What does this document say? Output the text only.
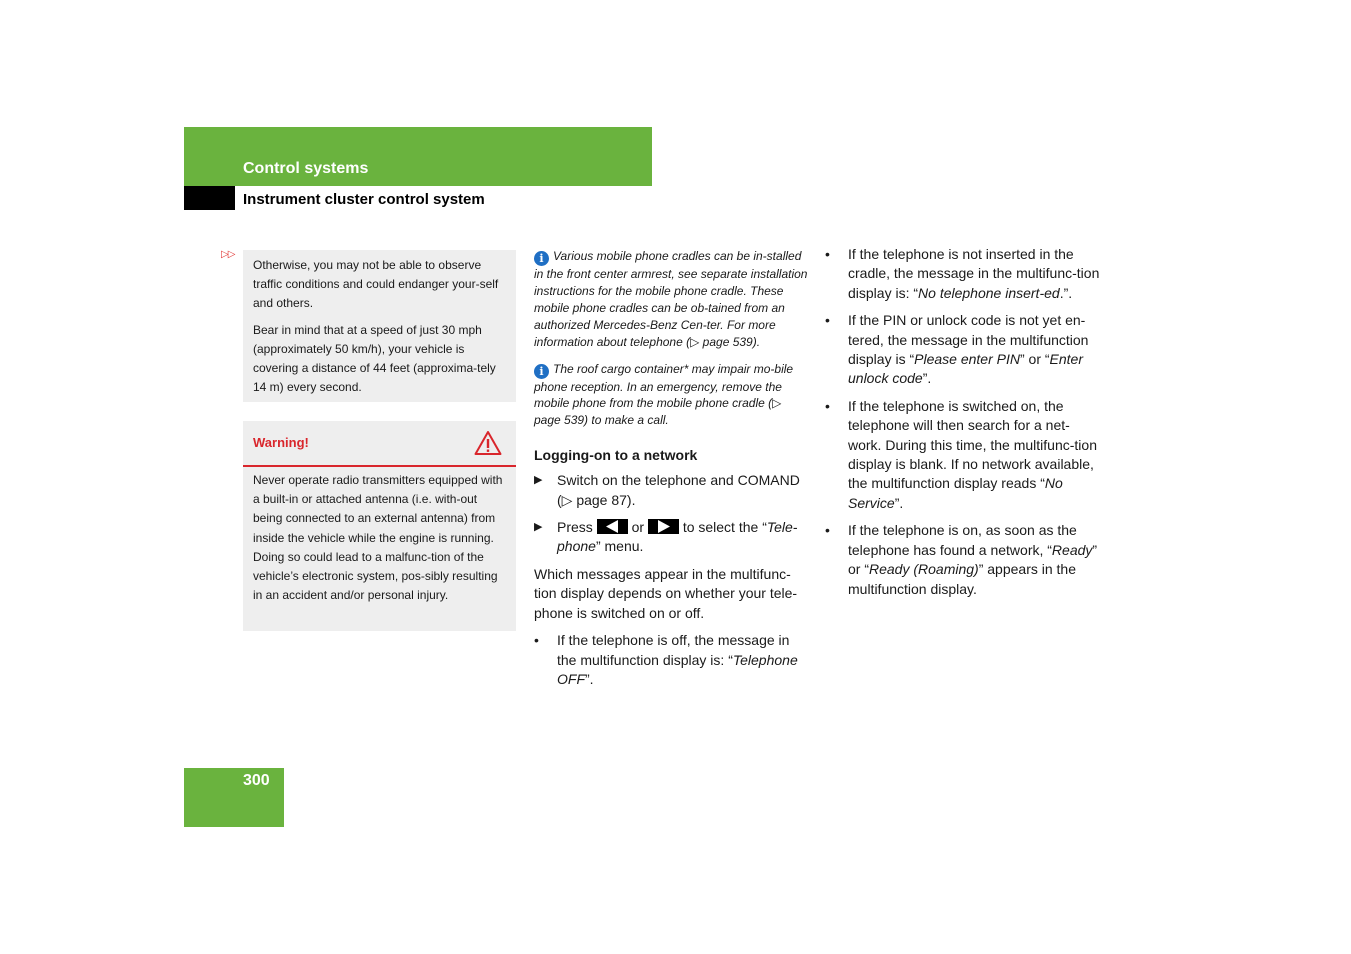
Control systems
Instrument cluster control system
▷▷

Otherwise, you may not be able to observe traffic conditions and could endanger your-self and others.

Bear in mind that at a speed of just 30 mph (approximately 50 km/h), your vehicle is covering a distance of 44 feet (approxima-tely 14 m) every second.

Warning!
Never operate radio transmitters equipped with a built-in or attached antenna (i.e. with-out being connected to an external antenna) from inside the vehicle while the engine is running. Doing so could lead to a malfunc-tion of the vehicle’s electronic system, pos-sibly resulting in an accident and/or personal injury.

i Various mobile phone cradles can be in-stalled in the front center armrest, see separate installation instructions for the mobile phone cradle. These mobile phone cradles can be ob-tained from an authorized Mercedes-Benz Cen-ter. For more information about telephone (▷ page 539).

i The roof cargo container* may impair mo-bile phone reception. In an emergency, remove the mobile phone from the mobile phone cradle (▷ page 539) to make a call.

Logging-on to a network
▶ Switch on the telephone and COMAND (▷ page 87).
▶ Press	or	to select the “Tele-phone” menu.

Which messages appear in the multifunc-tion display depends on whether your tele-phone is switched on or off.

• If the telephone is off, the message in the multifunction display is: “Telephone OFF”.
• If the telephone is not inserted in the cradle, the message in the multifunc-tion display is: “No telephone insert-ed.”.
• If the PIN or unlock code is not yet en-tered, the message in the multifunction display is “Please enter PIN” or “Enter unlock code”.
• If the telephone is switched on, the telephone will then search for a net-work. During this time, the multifunc-tion display is blank. If no network available, the multifunction display reads “No Service”.
• If the telephone is on, as soon as the telephone has found a network, “Ready” or “Ready (Roaming)” appears in the multifunction display.
300
